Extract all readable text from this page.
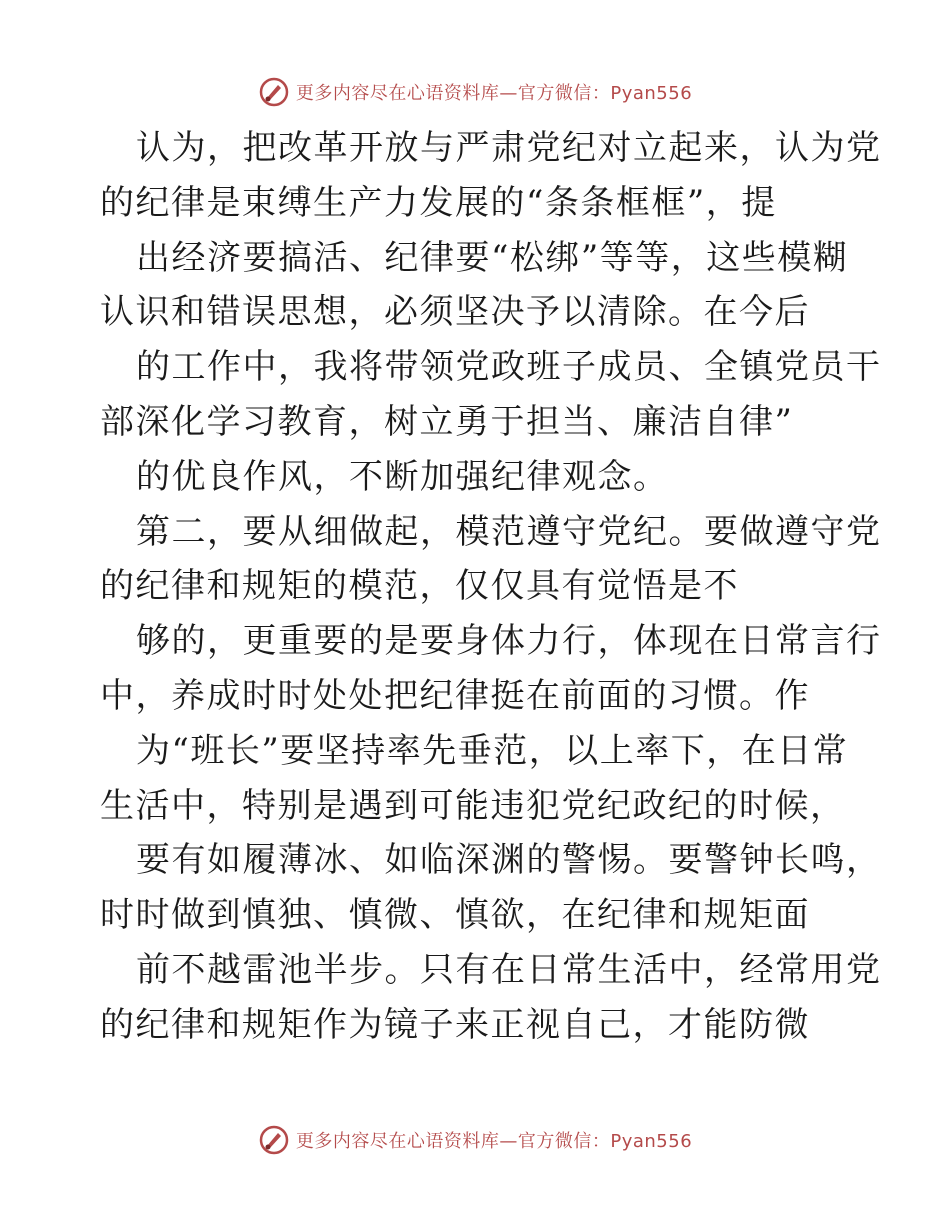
更多内容尽在心语资料库—官方微信：Pyan556
认为，把改革开放与严肃党纪对立起来，认为党
的纪律是束缚生产力发展的“条条框框”，提
出经济要搞活、纪律要“松绑”等等，这些模糊
认识和错误思想，必须坚决予以清除。在今后
的工作中，我将带领党政班子成员、全镇党员干
部深化学习教育，树立勇于担当、廉洁自律”
的优良作风，不断加强纪律观念。
第二，要从细做起，模范遵守党纪。要做遵守党
的纪律和规矩的模范，仅仅具有觉悟是不
够的，更重要的是要身体力行，体现在日常言行
中，养成时时处处把纪律挺在前面的习惯。作
为“班长”要坚持率先垂范，以上率下，在日常
生活中，特别是遇到可能违犯党纪政纪的时候，
要有如履薄冰、如临深渊的警惕。要警钟长鸣，
时时做到慎独、慎微、慎欲，在纪律和规矩面
前不越雷池半步。只有在日常生活中，经常用党
的纪律和规矩作为镜子来正视自己，才能防微
更多内容尽在心语资料库—官方微信：Pyan556
